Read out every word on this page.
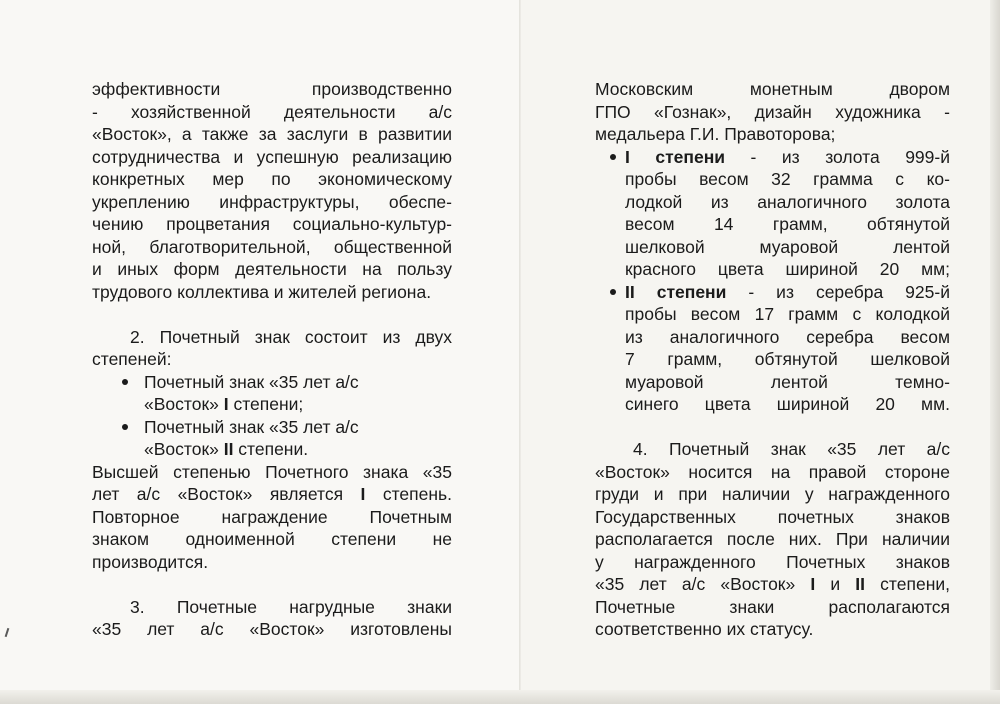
эффективности производственно

- хозяйственной деятельности а/с

«Восток», а также за заслуги в развитии

сотрудничества и успешную реализацию

конкретных мер по экономическому

укреплению инфраструктуры, обеспе-

чению процветания социально-культур-

ной, благотворительной, общественной

и иных форм деятельности на пользу

трудового коллектива и жителей региона.

2. Почетный знак состоит из двух

степеней:

Почетный знак «35 лет а/с

«Восток» I степени;

Почетный знак «35 лет а/с

«Восток» II степени.

Высшей степенью Почетного знака «35

лет а/с «Восток» является I степень.

Повторное награждение Почетным

знаком одноименной степени не

производится.

3. Почетные нагрудные знаки

«35 лет а/с «Восток» изготовлены

Московским монетным двором

ГПО «Гознак», дизайн художника -

медальера Г.И. Правоторова;

I степени - из золота 999-й

пробы весом 32 грамма с ко-

лодкой из аналогичного золота

весом 14 грамм, обтянутой

шелковой муаровой лентой

красного цвета шириной 20 мм;

II степени - из серебра 925-й

пробы весом 17 грамм с колодкой

из аналогичного серебра весом

7 грамм, обтянутой шелковой

муаровой лентой темно-

синего цвета шириной 20 мм.

4. Почетный знак «35 лет а/с

«Восток» носится на правой стороне

груди и при наличии у награжденного

Государственных почетных знаков

располагается после них. При наличии

у награжденного Почетных знаков

«35 лет а/с «Восток» I и II степени,

Почетные знаки располагаются

соответственно их статусу.
